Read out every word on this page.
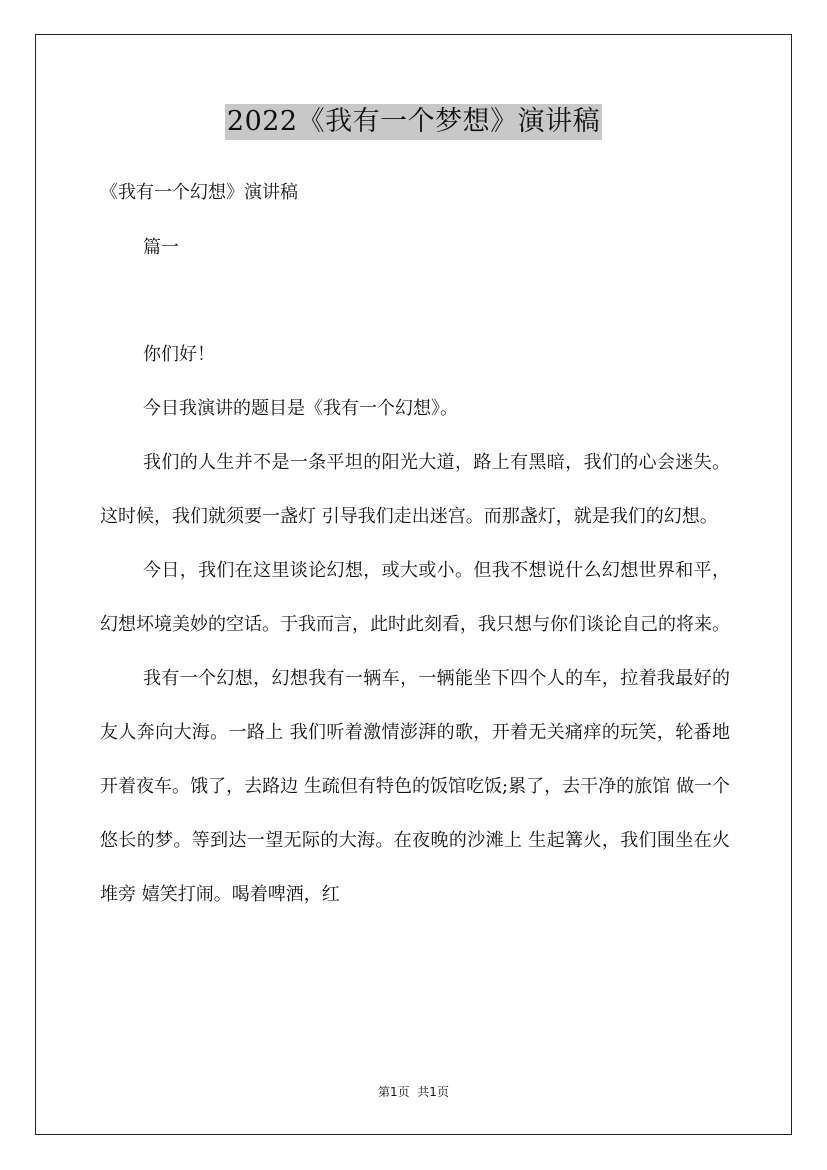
2022《我有一个梦想》演讲稿
《我有一个幻想》演讲稿
篇一

你们好！

今日我演讲的题目是《我有一个幻想》。

我们的人生并不是一条平坦的阳光大道，路上有黑暗，我们的心会迷失。这时候，我们就须要一盏灯 引导我们走出迷宫。而那盏灯，就是我们的幻想。

今日，我们在这里谈论幻想，或大或小。但我不想说什么幻想世界和平，幻想坏境美妙的空话。于我而言，此时此刻看，我只想与你们谈论自己的将来。

我有一个幻想，幻想我有一辆车，一辆能坐下四个人的车，拉着我最好的友人奔向大海。一路上 我们听着激情澎湃的歌，开着无关痛痒的玩笑，轮番地开着夜车。饿了，去路边 生疏但有特色的饭馆吃饭;累了，去干净的旅馆 做一个悠长的梦。等到达一望无际的大海。在夜晚的沙滩上 生起篝火，我们围坐在火堆旁 嬉笑打闹。喝着啤酒，红

第1页  共1页
